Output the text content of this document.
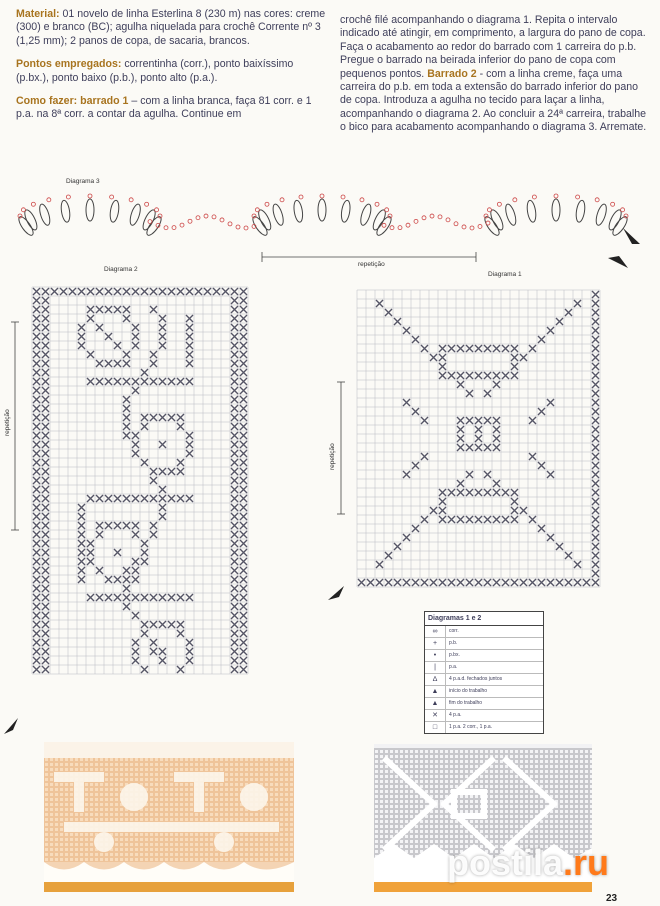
Material: 01 novelo de linha Esterlina 8 (230 m) nas cores: creme (300) e branco (BC); agulha niquelada para crochê Corrente nº 3 (1,25 mm); 2 panos de copa, de sacaria, brancos.

Pontos empregados: correntinha (corr.), ponto baixíssimo (p.bx.), ponto baixo (p.b.), ponto alto (p.a.).

Como fazer: barrado 1 – com a linha branca, faça 81 corr. e 1 p.a. na 8ª corr. a contar da agulha. Continue em

crochê filé acompanhando o diagrama 1. Repita o intervalo indicado até atingir, em comprimento, a largura do pano de copa. Faça o acabamento ao redor do barrado com 1 carreira do p.b. Pregue o barrado na beirada inferior do pano de copa com pequenos pontos. Barrado 2 - com a linha creme, faça uma carreira do p.b. em toda a extensão do barrado inferior do pano de copa. Introduza a agulha no tecido para laçar a linha, acompanhando o diagrama 2. Ao concluir a 24ª carreira, trabalhe o bico para acabamento acompanhando o diagrama 3. Arremate.

Diagrama 3
repetição
Diagrama 2
Diagrama 1
repetição
repetição
Diagramas 1 e 2
∞	corr.
+	p.b.
•	p.bx.
|	p.a.
∆	4 p.a.d. fechados juntos
▲	início do trabalho
▲	fim do trabalho
✕	4 p.a.
□	1 p.a. 2 corr., 1 p.a.
postila.ru
23
